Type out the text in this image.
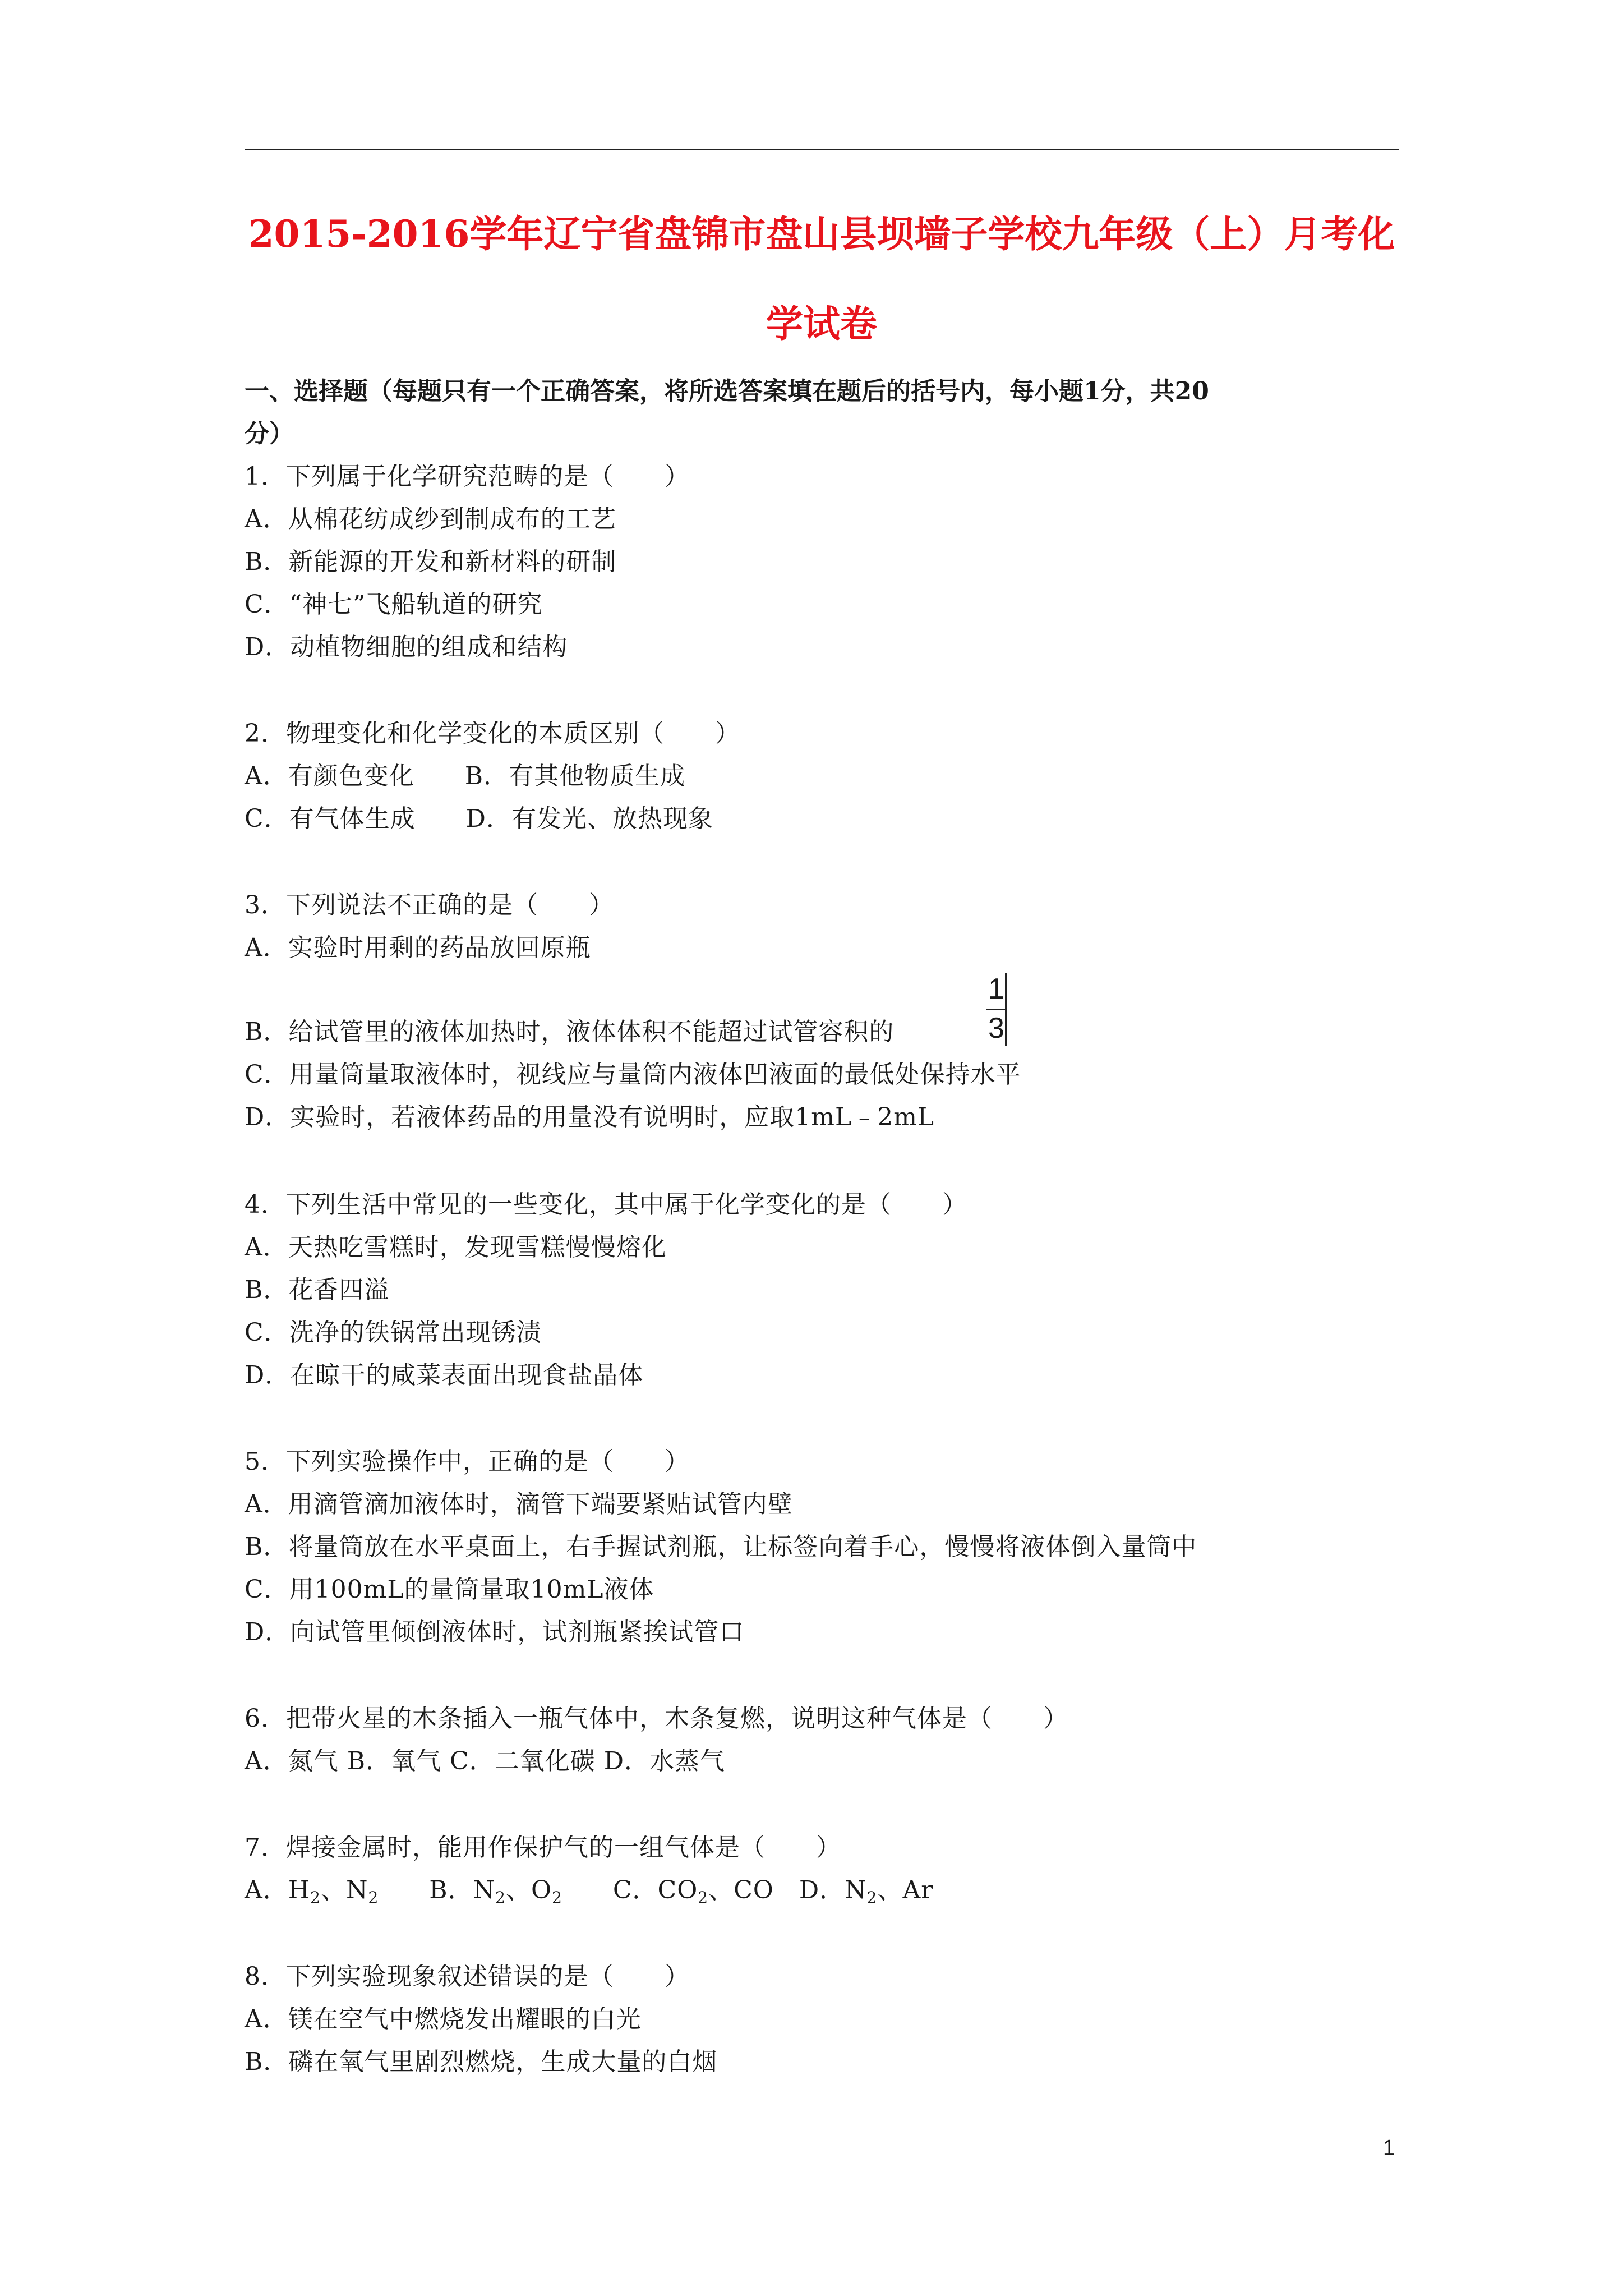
2015-2016学年辽宁省盘锦市盘山县坝墙子学校九年级（上）月考化
学试卷
一、选择题（每题只有一个正确答案，将所选答案填在题后的括号内，每小题1分，共20
分）
1．下列属于化学研究范畴的是（　　）
A．从棉花纺成纱到制成布的工艺
B．新能源的开发和新材料的研制
C．“神七”飞船轨道的研究
D．动植物细胞的组成和结构
2．物理变化和化学变化的本质区别（　　）
A．有颜色变化　　B．有其他物质生成
C．有气体生成　　D．有发光、放热现象
3．下列说法不正确的是（　　）
A．实验时用剩的药品放回原瓶
B．给试管里的液体加热时，液体体积不能超过试管容积的
1
3
C．用量筒量取液体时，视线应与量筒内液体凹液面的最低处保持水平
D．实验时，若液体药品的用量没有说明时，应取1mL﹣2mL
4．下列生活中常见的一些变化，其中属于化学变化的是（　　）
A．天热吃雪糕时，发现雪糕慢慢熔化
B．花香四溢
C．洗净的铁锅常出现锈渍
D．在晾干的咸菜表面出现食盐晶体
5．下列实验操作中，正确的是（　　）
A．用滴管滴加液体时，滴管下端要紧贴试管内壁
B．将量筒放在水平桌面上，右手握试剂瓶，让标签向着手心，慢慢将液体倒入量筒中
C．用100mL的量筒量取10mL液体
D．向试管里倾倒液体时，试剂瓶紧挨试管口
6．把带火星的木条插入一瓶气体中，木条复燃，说明这种气体是（　　）
A．氮气 B．氧气 C．二氧化碳 D．水蒸气
7．焊接金属时，能用作保护气的一组气体是（　　）
A．$H_2$、$N_2$　　B．$N_2$、$O_2$　　C．$CO_2$、CO　D．$N_2$、Ar
8．下列实验现象叙述错误的是（　　）
A．镁在空气中燃烧发出耀眼的白光
B．磷在氧气里剧烈燃烧，生成大量的白烟
1
